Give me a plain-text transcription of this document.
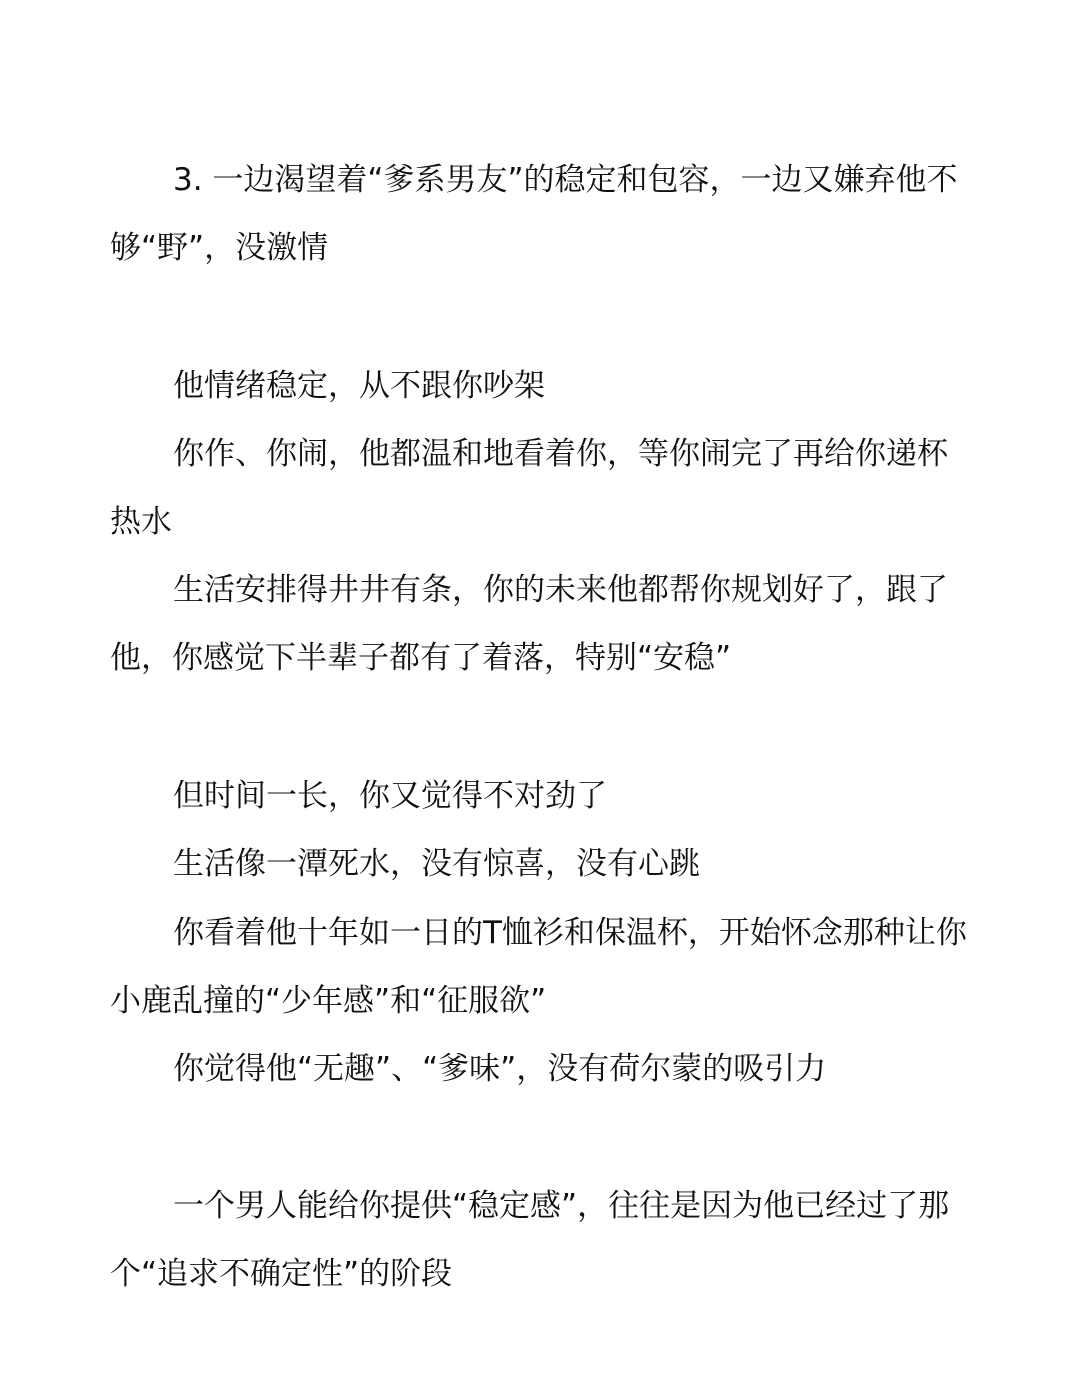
3. 一边渴望着“爹系男友”的稳定和包容，一边又嫌弃他不够“野”，没激情

他情绪稳定，从不跟你吵架

你作、你闹，他都温和地看着你，等你闹完了再给你递杯热水

生活安排得井井有条，你的未来他都帮你规划好了，跟了他，你感觉下半辈子都有了着落，特别“安稳”

但时间一长，你又觉得不对劲了

生活像一潭死水，没有惊喜，没有心跳

你看着他十年如一日的T恤衫和保温杯，开始怀念那种让你小鹿乱撞的“少年感”和“征服欲”

你觉得他“无趣”、“爹味”，没有荷尔蒙的吸引力

一个男人能给你提供“稳定感”，往往是因为他已经过了那个“追求不确定性”的阶段
